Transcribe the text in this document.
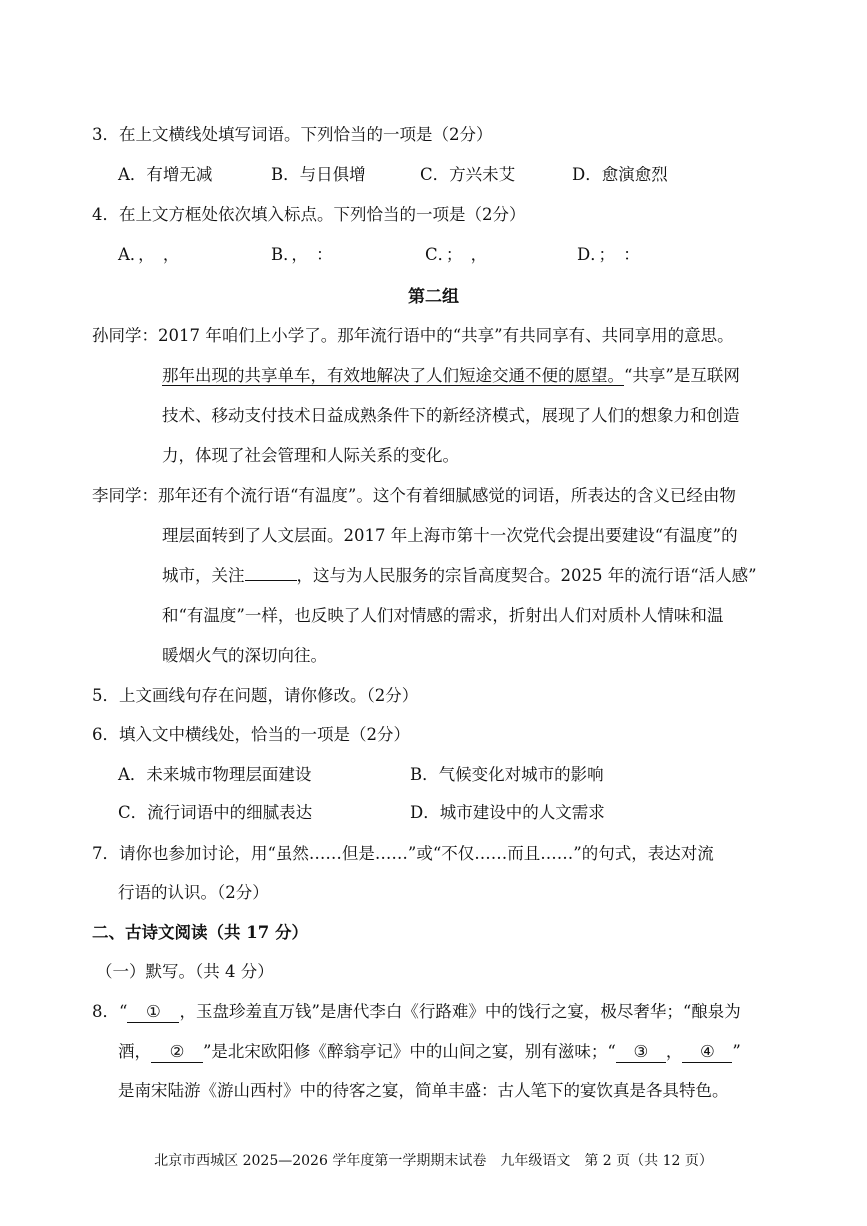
3．在上文横线处填写词语。下列恰当的一项是（2分）
A．有增无减	B．与日俱增	C．方兴未艾	D．愈演愈烈
4．在上文方框处依次填入标点。下列恰当的一项是（2分）
A．，　，	B．，　：	C．；　，	D．；　：
第二组
孙同学：2017 年咱们上小学了。那年流行语中的“共享”有共同享有、共同享用的意思。
那年出现的共享单车，有效地解决了人们短途交通不便的愿望。“共享”是互联网
技术、移动支付技术日益成熟条件下的新经济模式，展现了人们的想象力和创造
力，体现了社会管理和人际关系的变化。
李同学：那年还有个流行语“有温度”。这个有着细腻感觉的词语，所表达的含义已经由物
理层面转到了人文层面。2017 年上海市第十一次党代会提出要建设“有温度”的
城市，关注	，这与为人民服务的宗旨高度契合。2025 年的流行语“活人感”
和“有温度”一样，也反映了人们对情感的需求，折射出人们对质朴人情味和温
暖烟火气的深切向往。
5．上文画线句存在问题，请你修改。（2分）
6．填入文中横线处，恰当的一项是（2分）
A．未来城市物理层面建设	B．气候变化对城市的影响
C．流行词语中的细腻表达	D．城市建设中的人文需求
7．请你也参加讨论，用“虽然……但是……”或“不仅……而且……”的句式，表达对流
行语的认识。（2分）
二、古诗文阅读（共 17 分）
（一）默写。（共 4 分）
8．“ ① ，玉盘珍羞直万钱”是唐代李白《行路难》中的饯行之宴，极尽奢华；“酿泉为
酒， ② ”是北宋欧阳修《醉翁亭记》中的山间之宴，别有滋味；“ ③ ， ④ ”
是南宋陆游《游山西村》中的待客之宴，简单丰盛：古人笔下的宴饮真是各具特色。
北京市西城区 2025—2026 学年度第一学期期末试卷　九年级语文　第 2 页（共 12 页）
